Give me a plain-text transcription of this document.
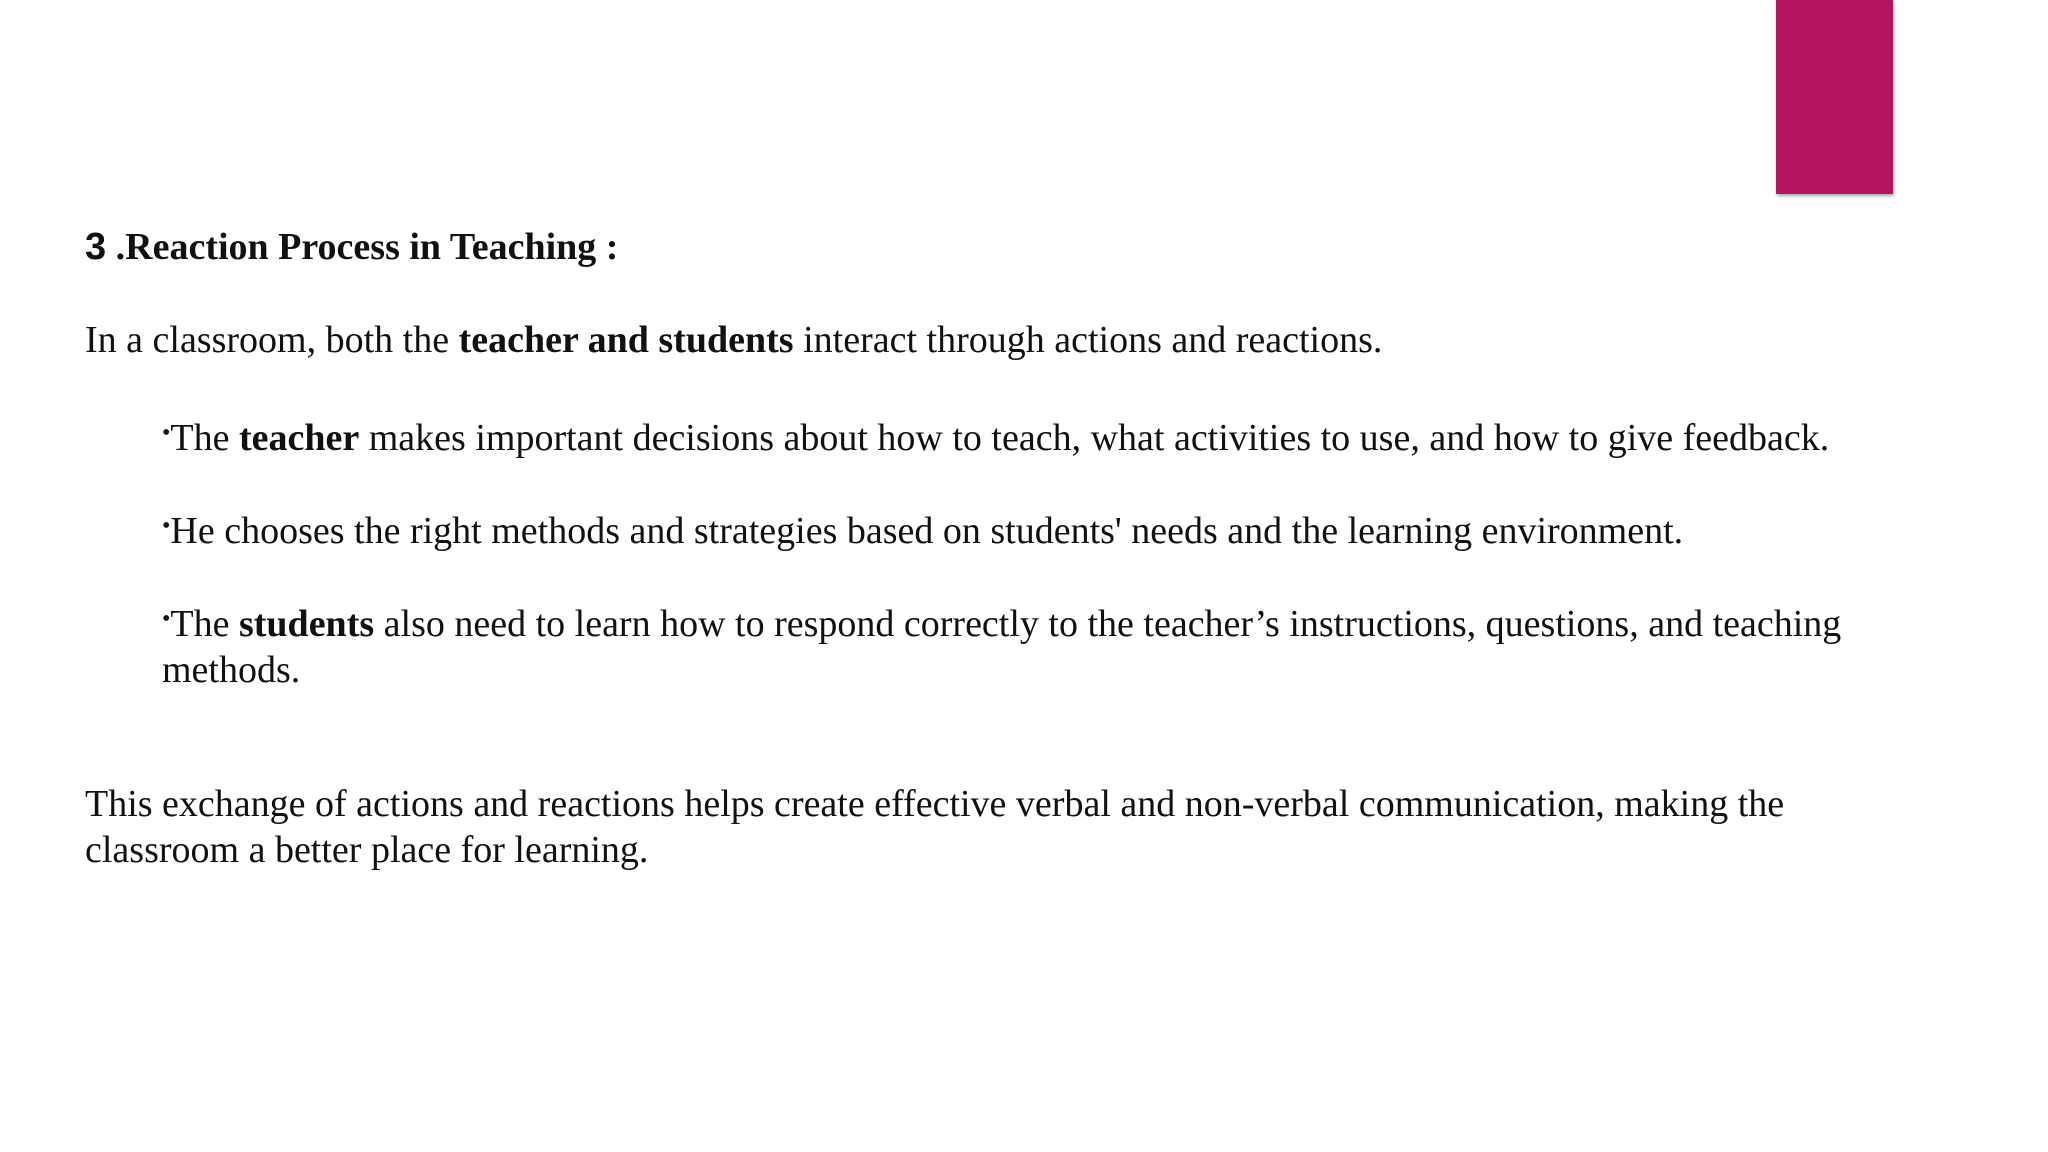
3 .Reaction Process in Teaching :
In a classroom, both the teacher and students interact through actions and reactions.
•The teacher makes important decisions about how to teach, what activities to use, and how to give feedback.
•He chooses the right methods and strategies based on students' needs and the learning environment.
•The students also need to learn how to respond correctly to the teacher’s instructions, questions, and teaching methods.
This exchange of actions and reactions helps create effective verbal and non-verbal communication, making the classroom a better place for learning.
